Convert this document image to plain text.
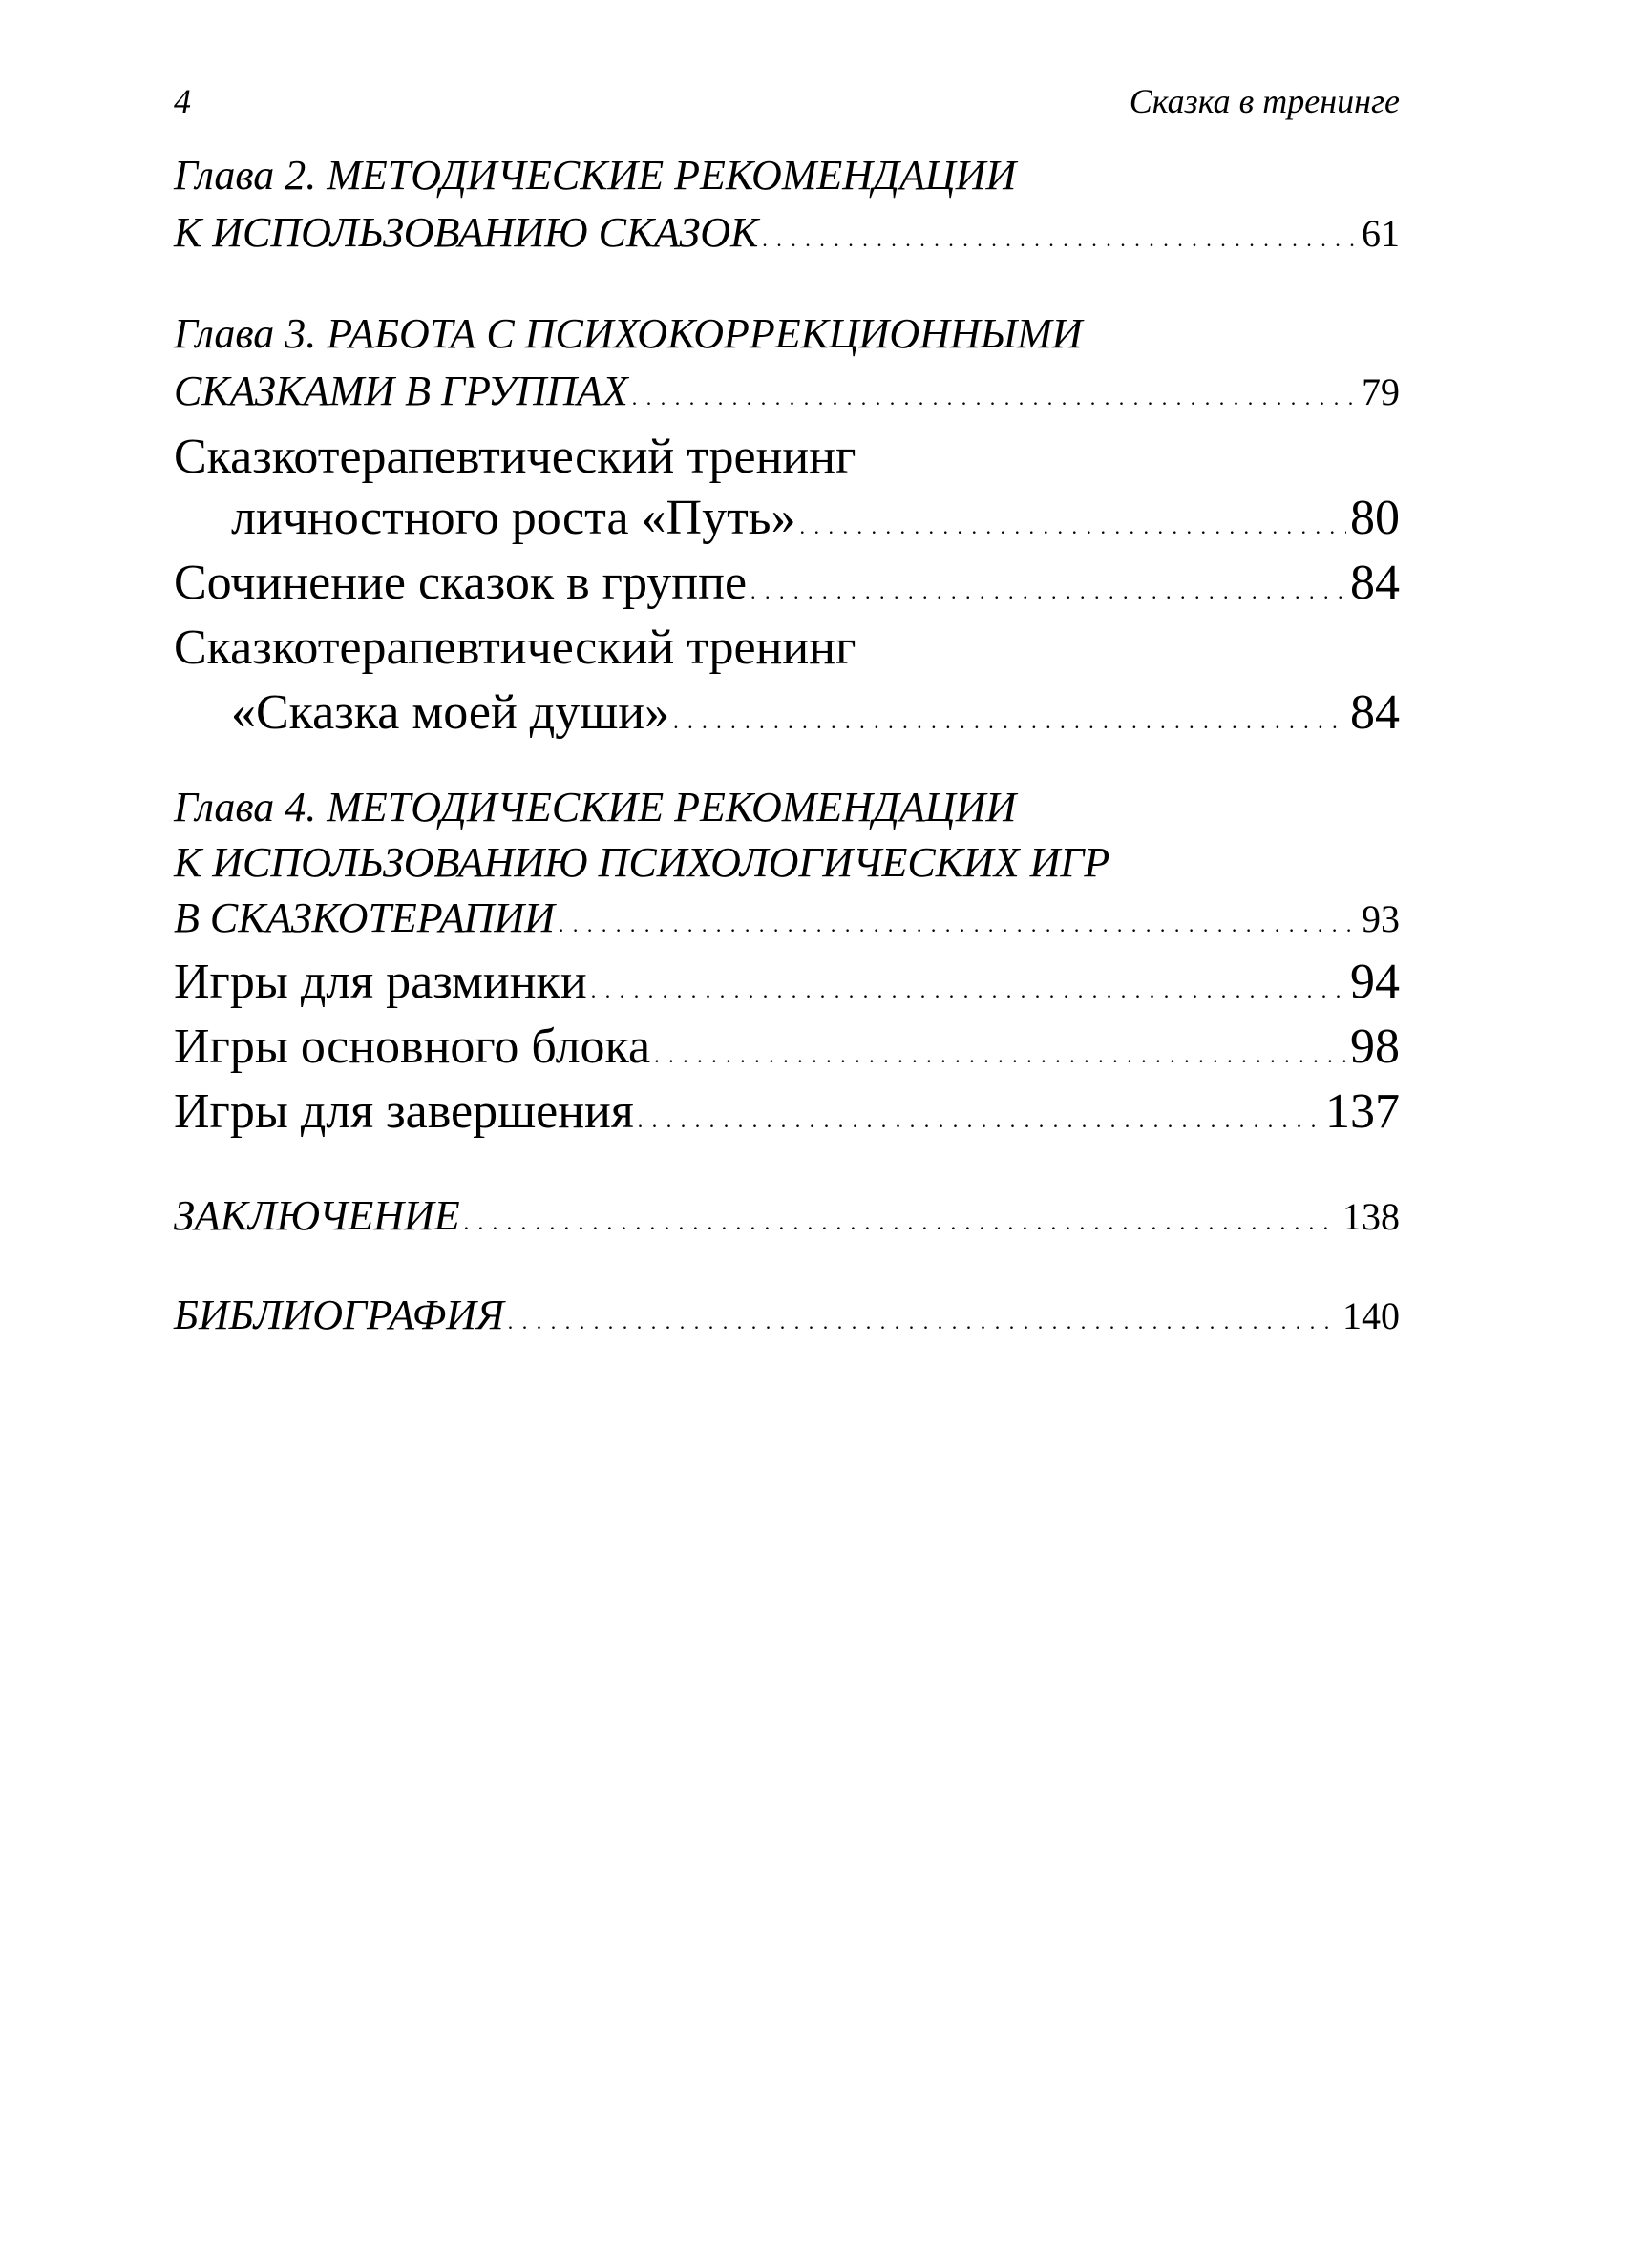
4	Сказка в тренинге
Глава 2. МЕТОДИЧЕСКИЕ РЕКОМЕНДАЦИИ
К ИСПОЛЬЗОВАНИЮ СКАЗОК . . .	61
Глава 3. РАБОТА С ПСИХОКОРРЕКЦИОННЫМИ
СКАЗКАМИ В ГРУППАХ . . .	79
Сказкотерапевтический тренинг
личностного роста «Путь» . . .	80
Сочинение сказок в группе . . .	84
Сказкотерапевтический тренинг
«Сказка моей души» . . .	84
Глава 4. МЕТОДИЧЕСКИЕ РЕКОМЕНДАЦИИ
К ИСПОЛЬЗОВАНИЮ ПСИХОЛОГИЧЕСКИХ ИГР
В СКАЗКОТЕРАПИИ . . .	93
Игры для разминки . . .	94
Игры основного блока . . .	98
Игры для завершения . . .	137
ЗАКЛЮЧЕНИЕ . . .	138
БИБЛИОГРАФИЯ . . .	140
